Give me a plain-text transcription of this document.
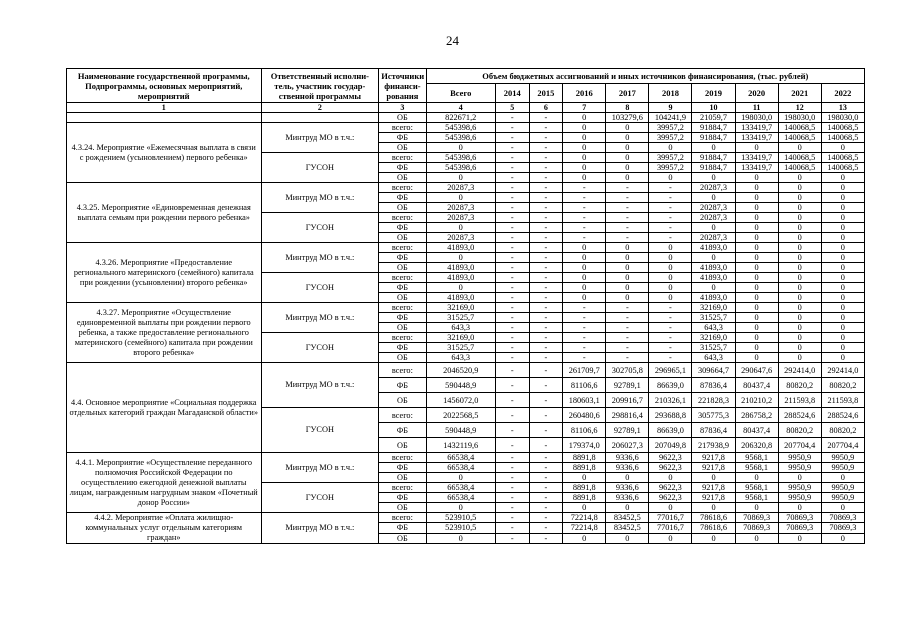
24
Наименование государственной программы, Подпрограммы, основных мероприятий, мероприятий	Ответственный исполни-тель, участник государ-ственной программы	Источники финанси-рования	Объем бюджетных ассигнований и иных источников финансирования, (тыс. рублей)									
			Всего	2014	2015	2016	2017	2018	2019	2020	2021	2022
1	2	3	4	5	6	7	8	9	10	11	12	13
		ОБ	822671,2	-	-	0	103279,6	104241,9	21059,7	198030,0	198030,0	198030,0
4.3.24. Мероприятие «Ежемесячная выплата в связи с рождением (усыновлением) первого ребенка»	Минтруд МО в т.ч.:	всего:	545398,6	-	-	0	0	39957,2	91884,7	133419,7	140068,5	140068,5
		ФБ	545398,6	-	-	0	0	39957,2	91884,7	133419,7	140068,5	140068,5
		ОБ	0	-	-	0	0	0	0	0	0	0
	ГУСОН	всего:	545398,6	-	-	0	0	39957,2	91884,7	133419,7	140068,5	140068,5
		ФБ	545398,6	-	-	0	0	39957,2	91884,7	133419,7	140068,5	140068,5
		ОБ	0	-	-	0	0	0	0	0	0	0
4.3.25. Мероприятие «Единовременная денежная выплата семьям при рождении первого ребенка»	Минтруд МО в т.ч.:	всего:	20287,3	-	-	-	-	-	20287,3	0	0	0
		ФБ	0	-	-	-	-	-	0	0	0	0
		ОБ	20287,3	-	-	-	-	-	20287,3	0	0	0
	ГУСОН	всего:	20287,3	-	-	-	-	-	20287,3	0	0	0
		ФБ	0	-	-	-	-	-	0	0	0	0
		ОБ	20287,3	-	-	-	-	-	20287,3	0	0	0
4.3.26. Мероприятие «Предоставление регионального материнского (семейного) капитала при рождении (усыновлении) второго ребенка»	Минтруд МО в т.ч.:	всего:	41893,0	-	-	0	0	0	41893,0	0	0	0
		ФБ	0	-	-	0	0	0	0	0	0	0
		ОБ	41893,0	-	-	0	0	0	41893,0	0	0	0
	ГУСОН	всего:	41893,0	-	-	0	0	0	41893,0	0	0	0
		ФБ	0	-	-	0	0	0	0	0	0	0
		ОБ	41893,0	-	-	0	0	0	41893,0	0	0	0
4.3.27. Мероприятие «Осуществление единовременной выплаты при рождении первого ребенка, а также предоставление регионального материнского (семейного) капитала при рождении второго ребенка»	Минтруд МО в т.ч.:	всего:	32169,0	-	-	-	-	-	32169,0	0	0	0
		ФБ	31525,7	-	-	-	-	-	31525,7	0	0	0
		ОБ	643,3	-	-	-	-	-	643,3	0	0	0
	ГУСОН	всего:	32169,0	-	-	-	-	-	32169,0	0	0	0
		ФБ	31525,7	-	-	-	-	-	31525,7	0	0	0
		ОБ	643,3	-	-	-	-	-	643,3	0	0	0
4.4. Основное мероприятие «Социальная поддержка отдельных категорий граждан Магаданской области»	Минтруд МО в т.ч.:	всего:	2046520,9	-	-	261709,7	302705,8	296965,1	309664,7	290647,6	292414,0	292414,0
		ФБ	590448,9	-	-	81106,6	92789,1	86639,0	87836,4	80437,4	80820,2	80820,2
		ОБ	1456072,0	-	-	180603,1	209916,7	210326,1	221828,3	210210,2	211593,8	211593,8
	ГУСОН	всего:	2022568,5	-	-	260480,6	298816,4	293688,8	305775,3	286758,2	288524,6	288524,6
		ФБ	590448,9	-	-	81106,6	92789,1	86639,0	87836,4	80437,4	80820,2	80820,2
		ОБ	1432119,6	-	-	179374,0	206027,3	207049,8	217938,9	206320,8	207704,4	207704,4
4.4.1. Мероприятие «Осуществление переданного полномочия Российской Федерации по осуществлению ежегодной денежной выплаты лицам, награжденным нагрудным знаком «Почетный донор России»	Минтруд МО в т.ч.:	всего:	66538,4	-	-	8891,8	9336,6	9622,3	9217,8	9568,1	9950,9	9950,9
		ФБ	66538,4	-	-	8891,8	9336,6	9622,3	9217,8	9568,1	9950,9	9950,9
		ОБ	0	-	-	0	0	0	0	0	0	0
	ГУСОН	всего:	66538,4	-	-	8891,8	9336,6	9622,3	9217,8	9568,1	9950,9	9950,9
		ФБ	66538,4	-	-	8891,8	9336,6	9622,3	9217,8	9568,1	9950,9	9950,9
		ОБ	0	-	-	0	0	0	0	0	0	0
4.4.2. Мероприятие «Оплата жилищно-коммунальных услуг отдельным категориям граждан»	Минтруд МО в т.ч.:	всего:	523910,5	-	-	72214,8	83452,5	77016,7	78618,6	70869,3	70869,3	70869,3
		ФБ	523910,5	-	-	72214,8	83452,5	77016,7	78618,6	70869,3	70869,3	70869,3
		ОБ	0	-	-	0	0	0	0	0	0	0
